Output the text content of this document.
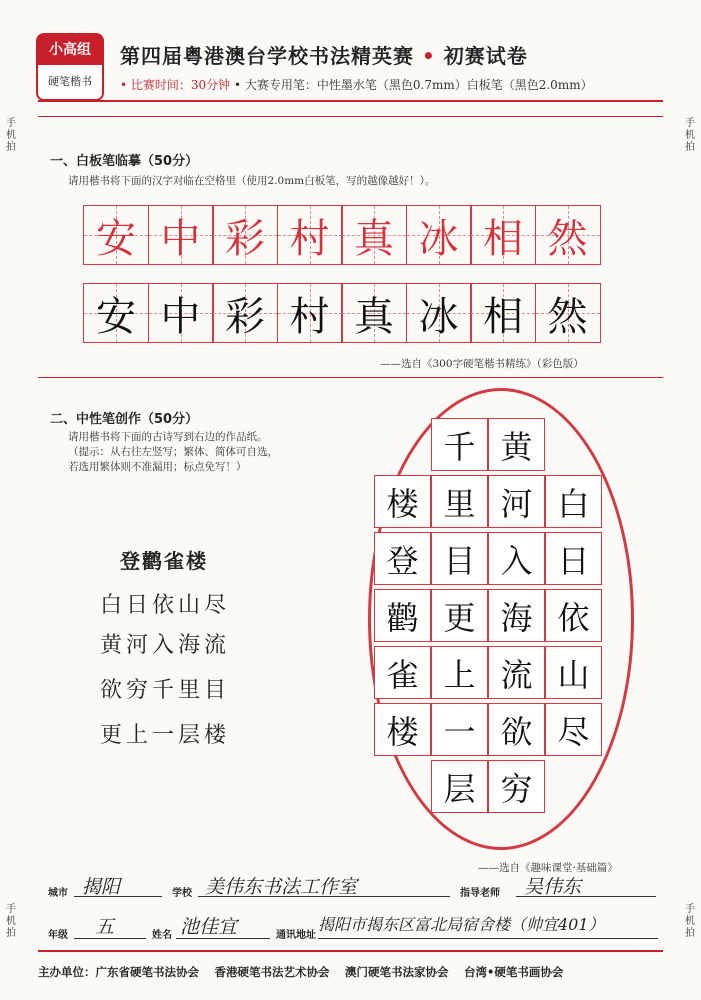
小高组
硬笔楷书
第四届粤港澳台学校书法精英赛 • 初赛试卷
• 比赛时间：30分钟 • 大赛专用笔：中性墨水笔（黑色0.7mm）白板笔（黑色2.0mm）
手机拍
手机拍
手机拍
手机拍
一、白板笔临摹（50分）
请用楷书将下面的汉字对临在空格里（使用2.0mm白板笔，写的越像越好！）。
安 中 彩 村 真 冰 相 然
安 中 彩 村 真 冰 相 然
——选自《300字硬笔楷书精练》（彩色版）
二、中性笔创作（50分）
请用楷书将下面的古诗写到右边的作品纸。
（提示：从右往左竖写；繁体、简体可自选，
若选用繁体则不准漏用；标点免写！）
登鹳雀楼
白日依山尽
黄河入海流
欲穷千里目
更上一层楼
黄
河
入
海
流
欲
穷
千
里
目
更
上
一
层
白
日
依
山
尽
楼
登
鹳
雀
楼
——选自《趣味课堂·基础篇》
城市 揭阳	学校 美伟东书法工作室	指导老师 吴伟东
年级 五	姓名 池佳宜	通讯地址
揭阳市揭东区富北局宿舍楼（帅宜401）
主办单位：广东省硬笔书法协会　 香港硬笔书法艺术协会　 澳门硬笔书法家协会　 台湾•硬笔书画协会
